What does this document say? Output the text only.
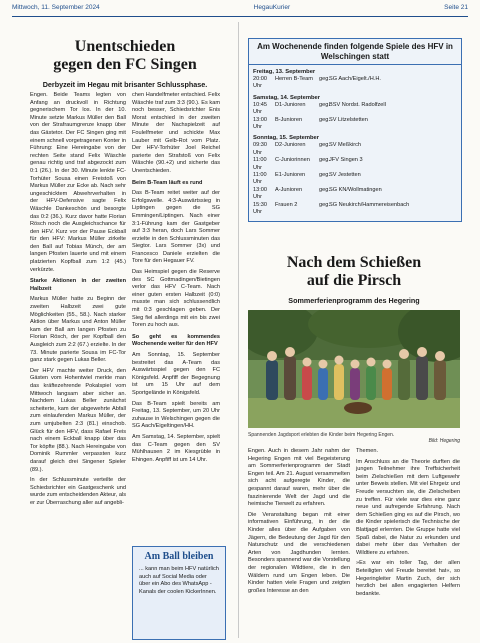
Mittwoch, 11. September 2024	HegauKurier	Seite 21
Unentschieden
gegen den FC Singen
Derbyzeit im Hegau mit brisanter Schlussphase.

Engen. Beide Teams legten von Anfang an druckvoll in Richtung gegnerischem Tor los. In der 10. Minute setzte Markus Müller den Ball von der Strafraumgrenze knapp über das Gästetor. Der FC Singen ging mit einem schnell vorgetragenen Konter in Führung: Eine Hereingabe von der rechten Seite stand Felix Wäschle genau richtig und traf abgezockt zum 0:1 (26.). In der 30. Minute lenkte FC-Torhüter Sousa einen Freistoß von Markus Müller zur Ecke ab. Nach sehr ungeschicktem Abwehrverhalten in der HFV-Defensive sagte Felix Wäschle Dankeschön und besorgte das 0:2 (36.). Kurz davor hatte Florian Rösch noch die Ausgleichschance für den HFV. Kurz vor der Pause Eckball für den HFV: Markus Müller zirkelte den Ball auf Tobias Münch, der am langen Pfosten lauerte und mit einem platzierten Kopfball zum 1:2 (45.) verkürzte.

Starke Aktionen in der zweiten Halbzeit

Markus Müller hatte zu Beginn der zweiten Halbzeit zwei gute Möglichkeiten (55., 58.). Nach starker Aktion über Markus und Anton Müller kam der Ball am langen Pfosten zu Florian Rösch, der per Kopfball den Ausgleich zum 2:2 (67.) erzielte. In der 73. Minute parierte Sousa im FC-Tor ganz stark gegen Lukas Beller.

Der HFV machte weiter Druck, den Gästen vom Hohentwiel merkte man das kräftezehrende Pokalspiel vom Mittwoch langsam aber sicher an. Nachdem Lukas Beller zunächst scheiterte, kam der abgewehrte Abfall zum einlaufenden Markus Müller, der zum umjubelten 2:3 (81.) einschob. Glück für den HFV, dass Rafael Freis nach einem Eckball knapp über das Tor köpfte (88.). Nach Hereingabe von Dominik Rummler verpassten kurz darauf gleich drei Singener Spieler (89.).

In der Schlussminute verteilte der Schiedsrichter ein Gastgeschenk und wurde zum entscheidenden Akteur, als er zur Überraschung aller auf angebli-

chen Handelfmeter entschied. Felix Wäschle traf zum 3:3 (90.). Es kam noch besser, Schiedsrichter Enis Morat entschied in der zweiten Minute der Nachspielzeit auf Foulelfmeter und schickte Max Lauber mit Gelb-Rot vom Platz. Der HFV-Torhüter Joel Reichel parierte den Strafstoß von Felix Wäschle (90.+2) und sicherte das Unentschieden.

Beim B-Team läuft es rund

Das B-Team reitet weiter auf der Erfolgswelle. 4:3-Auswärtssieg in Liptingen gegen die SG Emmingen/Liptingen. Nach einer 3:1-Führung kam der Gastgeber auf 3:3 heran, doch Lars Sommer erzielte in den Schlussminuten das Siegtor. Lars Sommer (3x) und Francesco Daniele erzielten die Tore für den Hegauer FV.

Das Heimspiel gegen die Reserve des SC Gottmadingen/Bietingen verlor das HFV C-Team. Nach einer guten ersten Halbzeit (0:0) musste man sich schlussendlich mit 0:3 geschlagen geben. Der Sieg fiel allerdings mit ein bis zwei Toren zu hoch aus.

So geht es kommendes Wochenende weiter für den HFV

Am Sonntag, 15. September bestreitet das A-Team das Auswärtsspiel gegen den FC Königsfeld. Anpfiff der Begegnung ist um 15 Uhr auf dem Sportgelände in Königsfeld.

Das B-Team spielt bereits am Freitag, 13. September, um 20 Uhr zuhause in Welschingen gegen die SG Aach/Eigeltingen/HH.

Am Samstag, 14. September, spielt das C-Team gegen den SV Mühlhausen 2 im Kiesgrüble in Ehingen. Anpfiff ist um 14 Uhr.

Am Ball bleiben
... kann man beim HFV natürlich auch auf Social Media oder über ein Abo des WhatsApp - Kanals der coolen KickerInnen.
Am Wochenende finden folgende Spiele des HFV in Welschingen statt
Freitag, 13. September
20:00 Uhr
Herren B-Team	geg. SG Aach/Eigelt./H.H.
Samstag, 14. September
10:45 Uhr
D1-Junioren	geg. BSV Nordst. Radolfzell
13:00 Uhr
B-Junioren	geg. SV Litzelstetten
Sonntag, 15. September
09:30 Uhr
D2-Junioren	geg. SV Meßkirch
11:00 Uhr
C-Juniorinnen	geg. JFV Singen 3
11:00 Uhr
E1-Junioren	geg. SV Jestetten
13:00 Uhr
A-Junioren	geg. SG KN/Wollmatingen
15:30 Uhr
Frauen 2	geg. SG Neukirch/Hammereisenbach
Nach dem Schießen
auf die Pirsch
Sommerferienprogramm des Hegering
Spannenden Jagdsport erlebten die Kinder beim Hegering Engen.
Bild: Hegering

Engen. Auch in diesem Jahr nahm der Hegering Engen mit viel Begeisterung am Sommerferienprogramm der Stadt Engen teil. Am 21. August versammelten sich acht aufgeregte Kinder, die gespannt darauf waren, mehr über die faszinierende Welt der Jagd und die heimische Tierwelt zu erfahren.

Die Veranstaltung began mit einer informativen Einführung, in der die Kinder alles über die Aufgaben von Jägern, die Bedeutung der Jagd für den Naturschutz und die verschiedenen Arten von Jagdhunden lernten. Besonders spannend war die Vorstellung der regionalen Wildtiere, die in den Wäldern rund um Engen leben. Die Kinder hatten viele Fragen und zeigten großes Interesse an den

Themen.

Im Anschluss an die Theorie durften die jungen Teilnehmer ihre Treffsicherheit beim Zielschießen mit dem Luftgewehr unter Beweis stellen. Mit viel Ehrgeiz und Freude versuchten sie, die Zielscheiben zu treffen. Für viele war dies eine ganz neue und aufregende Erfahrung. Nach dem Schießen ging es auf die Pirsch, wo die Kinder spielerisch die Technische der Blattjagd erlernten. Die Gruppe hatte viel Spaß dabei, die Natur zu erkunden und dabei mehr über das Verhalten der Wildtiere zu erfahren.

»Es war ein toller Tag, der allen Beteiligten viel Freude bereitet hat«, so Hegeringleiter Martin Zuch, der sich herzlich bei allen engagierten Helfern bedankte.
